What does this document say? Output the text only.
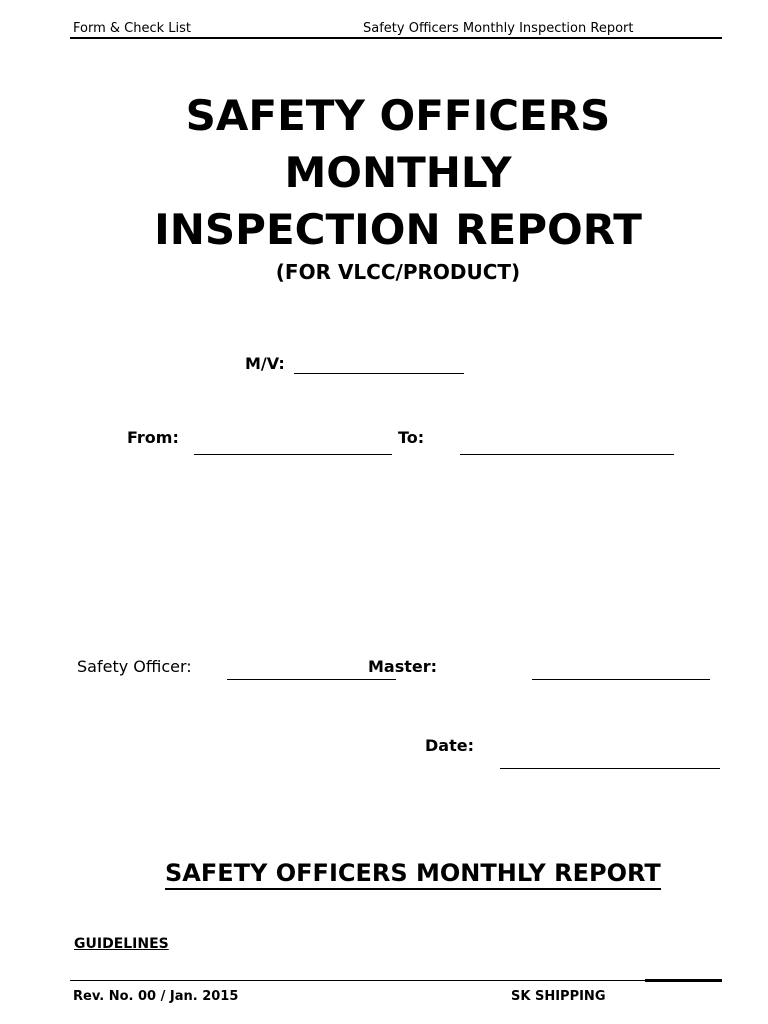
Form & Check List	Safety Officers Monthly Inspection Report
SAFETY OFFICERS
MONTHLY
INSPECTION REPORT
(FOR VLCC/PRODUCT)
M/V:
From:	To:
Safety Officer:	Master:
Date:
SAFETY OFFICERS MONTHLY REPORT
GUIDELINES
Rev. No. 00 / Jan. 2015	SK SHIPPING
